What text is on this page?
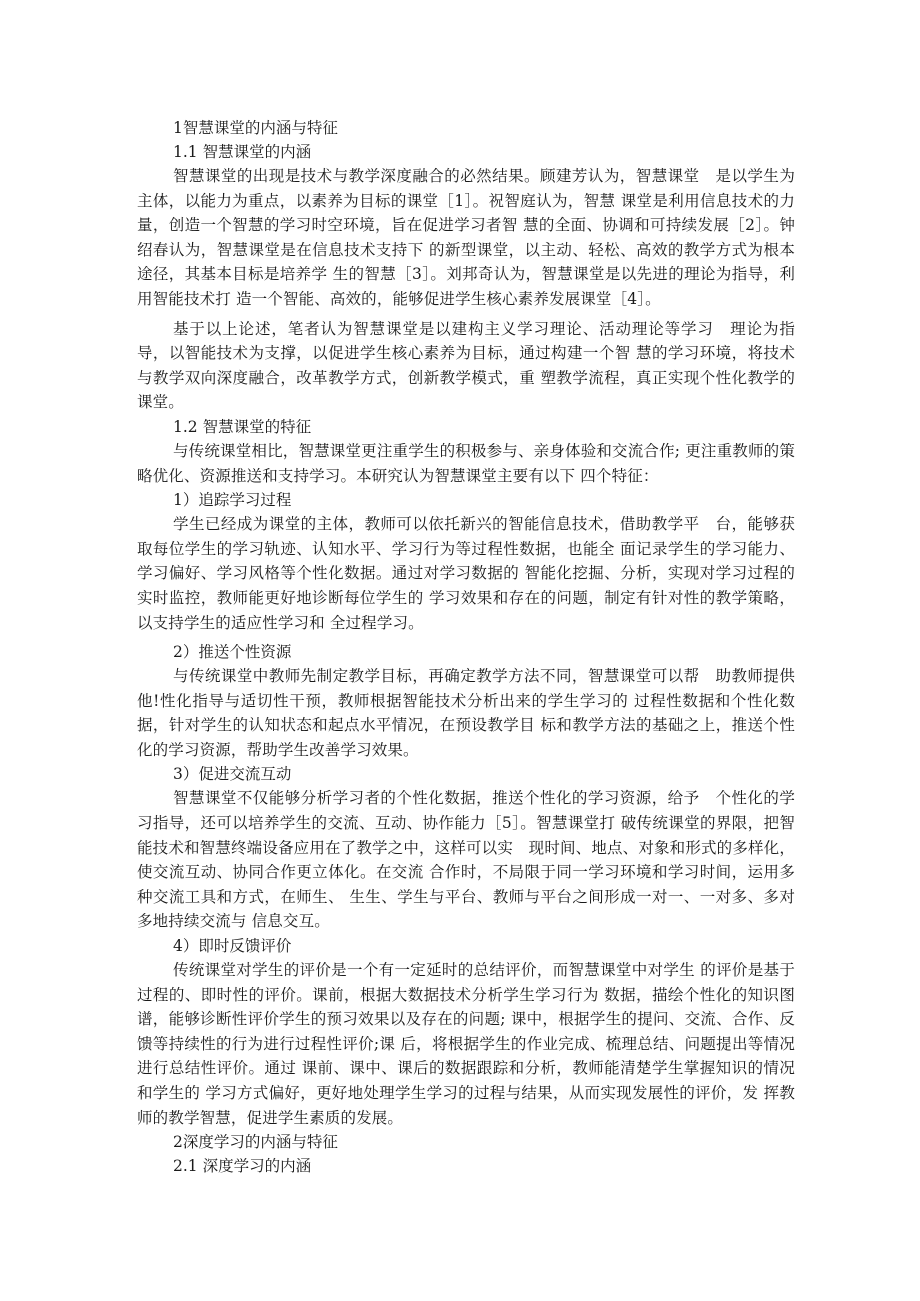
1智慧课堂的内涵与特征
1.1 智慧课堂的内涵

智慧课堂的出现是技术与教学深度融合的必然结果。顾建芳认为，智慧课堂　是以学生为主体，以能力为重点，以素养为目标的课堂［1］。祝智庭认为，智慧 课堂是利用信息技术的力量，创造一个智慧的学习时空环境，旨在促进学习者智 慧的全面、协调和可持续发展［2］。钟绍春认为，智慧课堂是在信息技术支持下 的新型课堂，以主动、轻松、高效的教学方式为根本途径，其基本目标是培养学 生的智慧［3］。刘邦奇认为，智慧课堂是以先进的理论为指导，利用智能技术打 造一个智能、高效的，能够促进学生核心素养发展课堂［4］。

基于以上论述，笔者认为智慧课堂是以建构主义学习理论、活动理论等学习　理论为指导，以智能技术为支撑，以促进学生核心素养为目标，通过构建一个智 慧的学习环境，将技术与教学双向深度融合，改革教学方式，创新教学模式，重 塑教学流程，真正实现个性化教学的课堂。

1.2 智慧课堂的特征

与传统课堂相比，智慧课堂更注重学生的积极参与、亲身体验和交流合作; 更注重教师的策略优化、资源推送和支持学习。本研究认为智慧课堂主要有以下 四个特征：

1）追踪学习过程

学生已经成为课堂的主体，教师可以依托新兴的智能信息技术，借助教学平　台，能够获取每位学生的学习轨迹、认知水平、学习行为等过程性数据，也能全 面记录学生的学习能力、学习偏好、学习风格等个性化数据。通过对学习数据的 智能化挖掘、分析，实现对学习过程的实时监控，教师能更好地诊断每位学生的 学习效果和存在的问题，制定有针对性的教学策略，以支持学生的适应性学习和 全过程学习。

2）推送个性资源

与传统课堂中教师先制定教学目标，再确定教学方法不同，智慧课堂可以帮　助教师提供他!性化指导与适切性干预，教师根据智能技术分析出来的学生学习的 过程性数据和个性化数据，针对学生的认知状态和起点水平情况，在预设教学目 标和教学方法的基础之上，推送个性化的学习资源，帮助学生改善学习效果。

3）促进交流互动

智慧课堂不仅能够分析学习者的个性化数据，推送个性化的学习资源，给予　个性化的学习指导，还可以培养学生的交流、互动、协作能力［5］。智慧课堂打 破传统课堂的界限，把智能技术和智慧终端设备应用在了教学之中，这样可以实　现时间、地点、对象和形式的多样化，使交流互动、协同合作更立体化。在交流 合作时，不局限于同一学习环境和学习时间，运用多种交流工具和方式，在师生、 生生、学生与平台、教师与平台之间形成一对一、一对多、多对多地持续交流与 信息交互。

4）即时反馈评价

传统课堂对学生的评价是一个有一定延时的总结评价，而智慧课堂中对学生 的评价是基于过程的、即时性的评价。课前，根据大数据技术分析学生学习行为 数据，描绘个性化的知识图谱，能够诊断性评价学生的预习效果以及存在的问题; 课中，根据学生的提问、交流、合作、反馈等持续性的行为进行过程性评价;课 后，将根据学生的作业完成、梳理总结、问题提出等情况进行总结性评价。通过 课前、课中、课后的数据跟踪和分析，教师能清楚学生掌握知识的情况和学生的 学习方式偏好，更好地处理学生学习的过程与结果，从而实现发展性的评价，发 挥教师的教学智慧，促进学生素质的发展。

2深度学习的内涵与特征
2.1 深度学习的内涵
